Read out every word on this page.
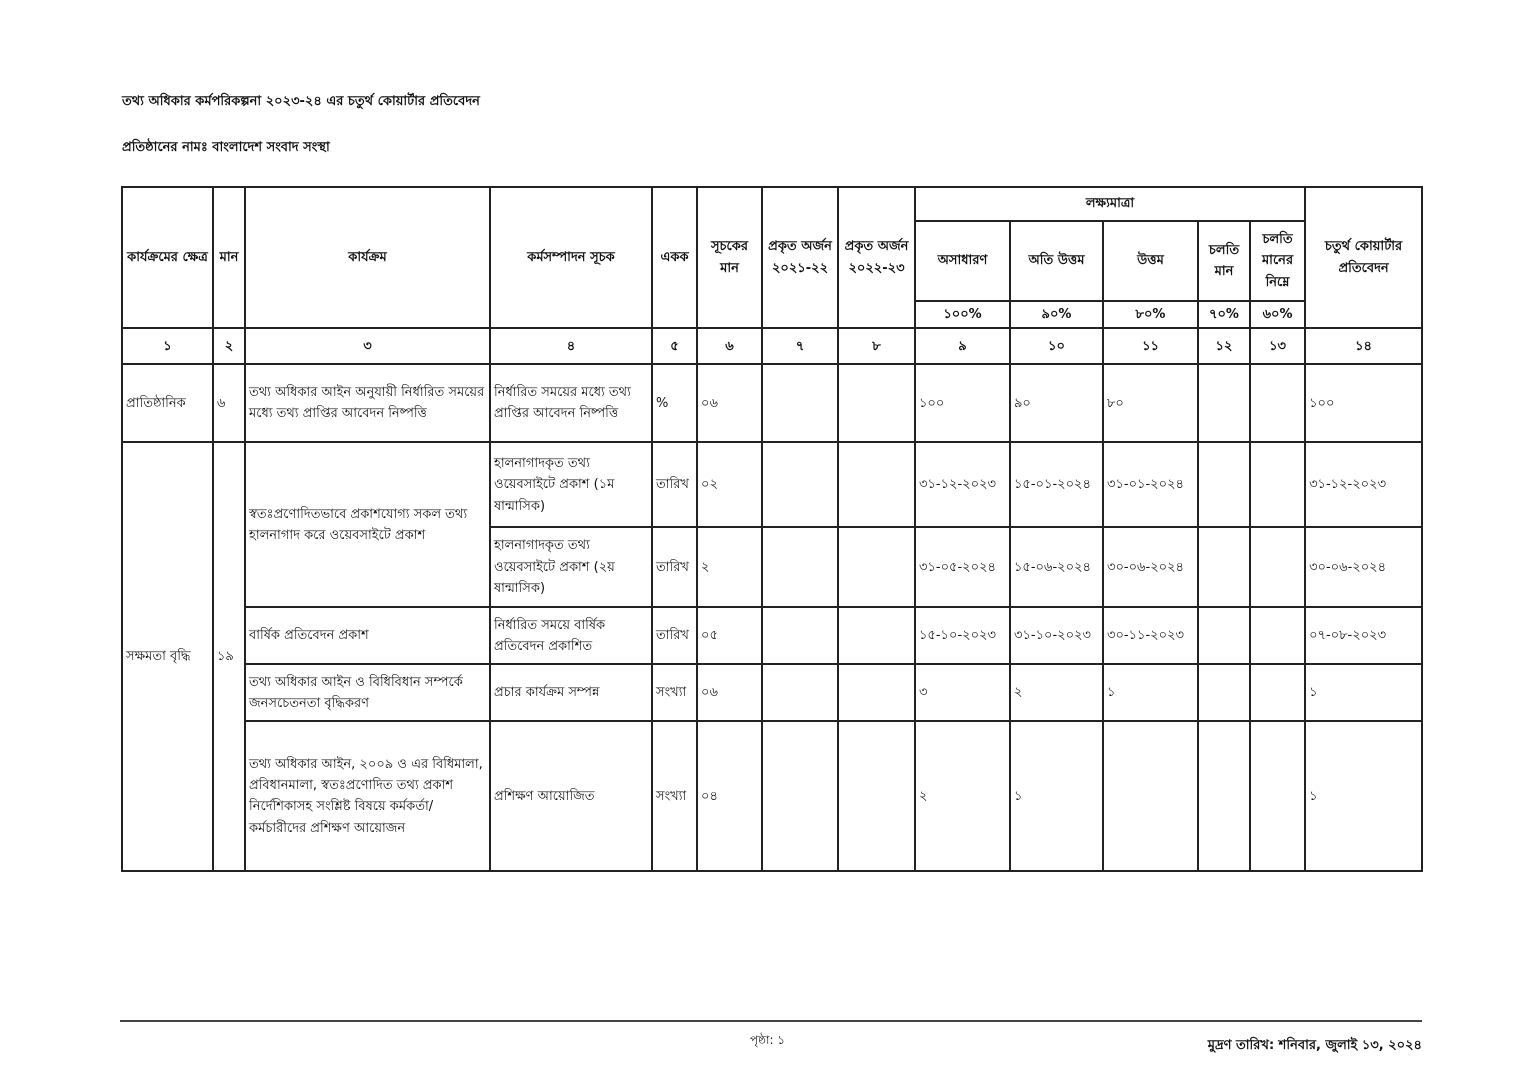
তথ্য অধিকার কর্মপরিকল্পনা ২০২৩-২৪ এর চতুর্থ কোয়ার্টার প্রতিবেদন
প্রতিষ্ঠানের নামঃ বাংলাদেশ সংবাদ সংস্থা
কার্যক্রমের ক্ষেত্র	মান	কার্যক্রম	কর্মসম্পাদন সূচক	একক	সূচকের মান	প্রকৃত অর্জন ২০২১-২২	প্রকৃত অর্জন ২০২২-২৩	লক্ষ্যমাত্রা					চতুর্থ কোয়ার্টার প্রতিবেদন
								অসাধারণ	অতি উত্তম	উত্তম	চলতি মান	চলতি মানের নিম্নে	
								১০০%	৯০%	৮০%	৭০%	৬০%	
১	২	৩	৪	৫	৬	৭	৮	৯	১০	১১	১২	১৩	১৪
প্রাতিষ্ঠানিক	৬	তথ্য অধিকার আইন অনুযায়ী নির্ধারিত সময়ের মধ্যে তথ্য প্রাপ্তির আবেদন নিষ্পত্তি	নির্ধারিত সময়ের মধ্যে তথ্য প্রাপ্তির আবেদন নিষ্পত্তি	%	০৬			১০০	৯০	৮০			১০০
সক্ষমতা বৃদ্ধি	১৯	স্বতঃপ্রণোদিতভাবে প্রকাশযোগ্য সকল তথ্য হালনাগাদ করে ওয়েবসাইটে প্রকাশ	হালনাগাদকৃত তথ্য ওয়েবসাইটে প্রকাশ (১ম ষান্মাসিক)	তারিখ	০২			৩১-১২-২০২৩	১৫-০১-২০২৪	৩১-০১-২০২৪			৩১-১২-২০২৩
			হালনাগাদকৃত তথ্য ওয়েবসাইটে প্রকাশ (২য় ষান্মাসিক)	তারিখ	২			৩১-০৫-২০২৪	১৫-০৬-২০২৪	৩০-০৬-২০২৪			৩০-০৬-২০২৪
		বার্ষিক প্রতিবেদন প্রকাশ	নির্ধারিত সময়ে বার্ষিক প্রতিবেদন প্রকাশিত	তারিখ	০৫			১৫-১০-২০২৩	৩১-১০-২০২৩	৩০-১১-২০২৩			০৭-০৮-২০২৩
		তথ্য অধিকার আইন ও বিধিবিধান সম্পর্কে জনসচেতনতা বৃদ্ধিকরণ	প্রচার কার্যক্রম সম্পন্ন	সংখ্যা	০৬			৩	২	১			১
		তথ্য অধিকার আইন, ২০০৯ ও এর বিধিমালা, প্রবিধানমালা, স্বতঃপ্রণোদিত তথ্য প্রকাশ নির্দেশিকাসহ সংশ্লিষ্ট বিষয়ে কর্মকর্তা/কর্মচারীদের প্রশিক্ষণ আয়োজন	প্রশিক্ষণ আয়োজিত	সংখ্যা	০৪			২	১				১
পৃষ্ঠা: ১	মুদ্রণ তারিখ: শনিবার, জুলাই ১৩, ২০২৪
